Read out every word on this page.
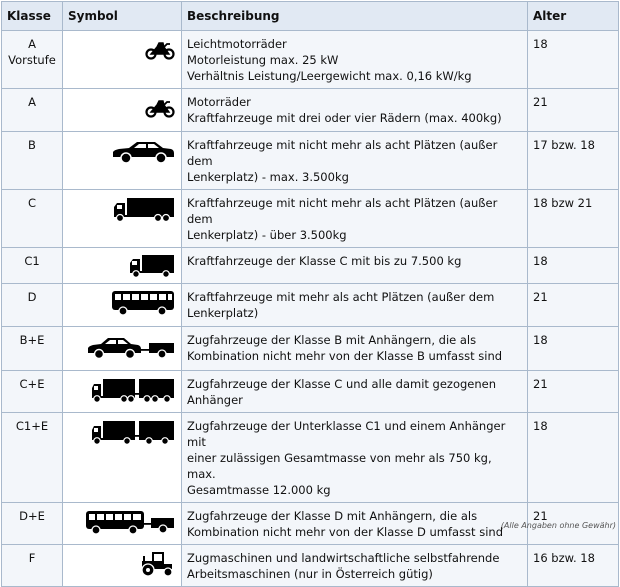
Klasse	Symbol	Beschreibung	Alter

A
Vorstufe		Leichtmotorräder
Motorleistung max. 25 kW
Verhältnis Leistung/Leergewicht max. 0,16 kW/kg	18

A		Motorräder
Kraftfahrzeuge mit drei oder vier Rädern (max. 400kg)	21

B		Kraftfahrzeuge mit nicht mehr als acht Plätzen (außer dem
Lenkerplatz) - max. 3.500kg	17 bzw. 18

C		Kraftfahrzeuge mit nicht mehr als acht Plätzen (außer dem
Lenkerplatz) - über 3.500kg	18 bzw 21

C1		Kraftfahrzeuge der Klasse C mit bis zu 7.500 kg	18

D		Kraftfahrzeuge mit mehr als acht Plätzen (außer dem
Lenkerplatz)	21

B+E		Zugfahrzeuge der Klasse B mit Anhängern, die als
Kombination nicht mehr von der Klasse B umfasst sind	18

C+E		Zugfahrzeuge der Klasse C und alle damit gezogenen
Anhänger	21

C1+E		Zugfahrzeuge der Unterklasse C1 und einem Anhänger mit
einer zulässigen Gesamtmasse von mehr als 750 kg, max.
Gesamtmasse 12.000 kg	18

D+E		Zugfahrzeuge der Klasse D mit Anhängern, die als
Kombination nicht mehr von der Klasse D umfasst sind	21

F		Zugmaschinen und landwirtschaftliche selbstfahrende
Arbeitsmaschinen (nur in Österreich gütig)	16 bzw. 18
(Alle Angaben ohne Gewähr)
